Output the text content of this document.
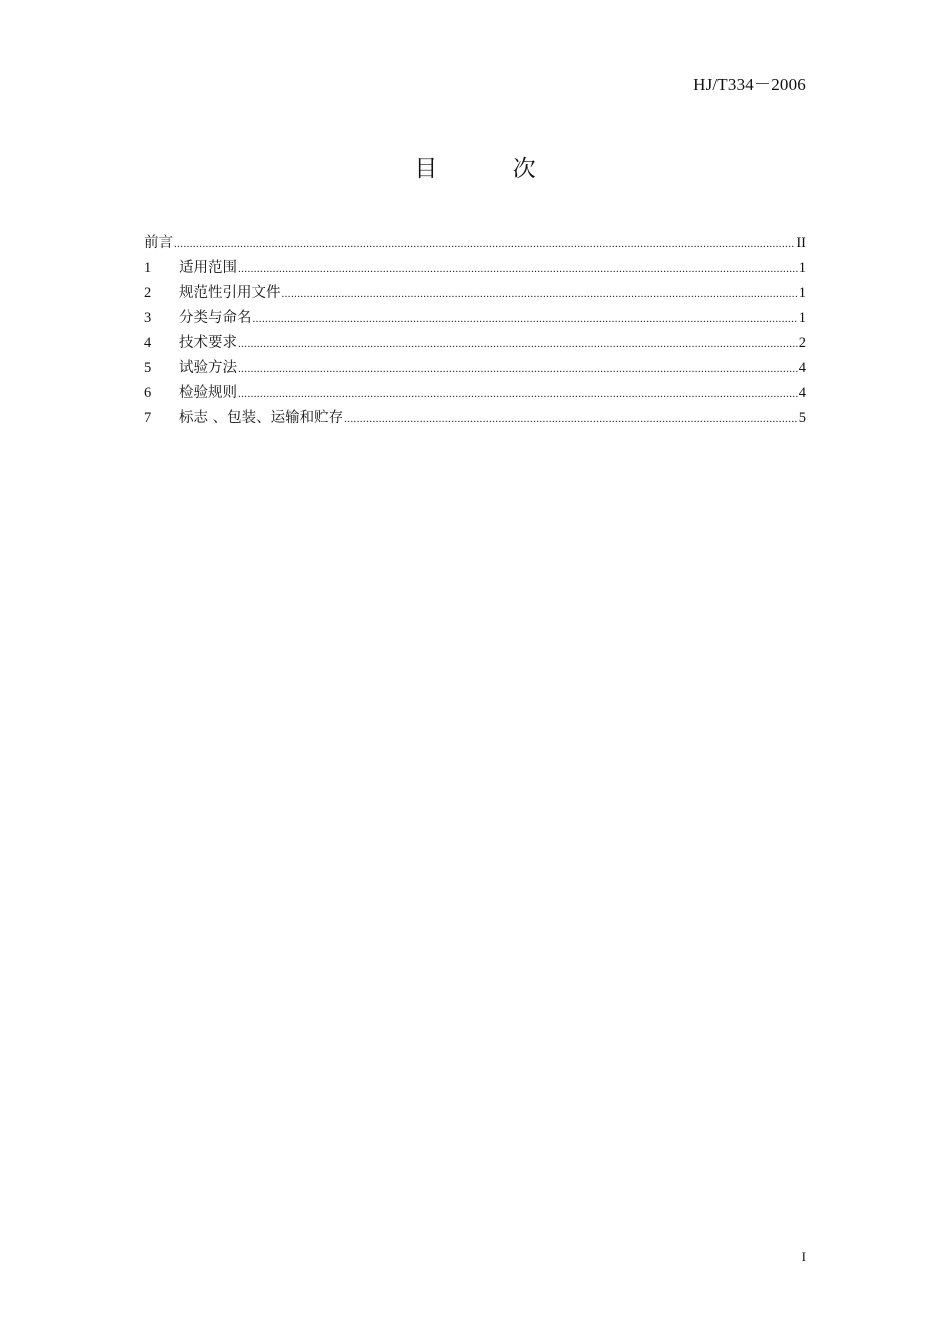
HJ/T334－2006
目 次
前言 .....	II
1	适用范围 .....	1
2	规范性引用文件 .....	1
3	分类与命名 .....	1
4	技术要求 .....	2
5	试验方法 .....	4
6	检验规则 .....	4
7	标志 、包装、运输和贮存 .....	5
I
